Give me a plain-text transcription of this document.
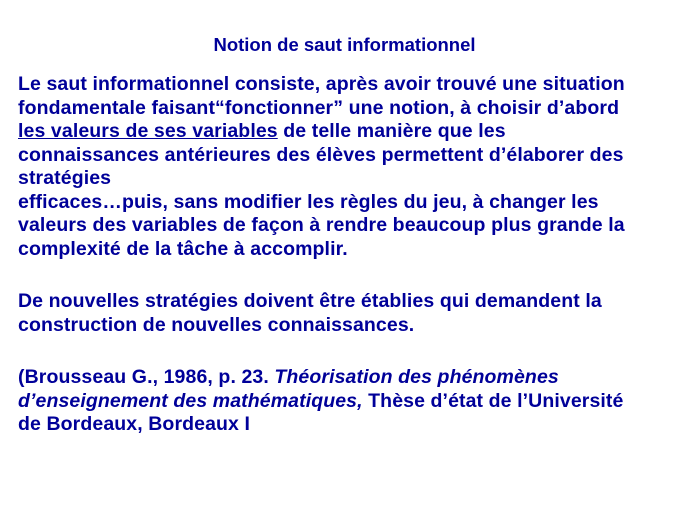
Notion de saut informationnel
Le saut informationnel consiste, après avoir trouvé une situation
fondamentale faisant“fonctionner” une notion, à choisir d’abord
les valeurs de ses variables de telle manière que les
connaissances antérieures des élèves permettent d’élaborer des
stratégies
efficaces…puis, sans modifier les règles du jeu, à changer les
valeurs des variables de façon à rendre beaucoup plus grande la
complexité de la tâche à accomplir.
De nouvelles stratégies doivent être établies qui demandent la
construction de nouvelles connaissances.
(Brousseau G., 1986, p. 23. Théorisation des phénomènes
d’enseignement des mathématiques, Thèse d’état de l’Université
de Bordeaux, Bordeaux I
